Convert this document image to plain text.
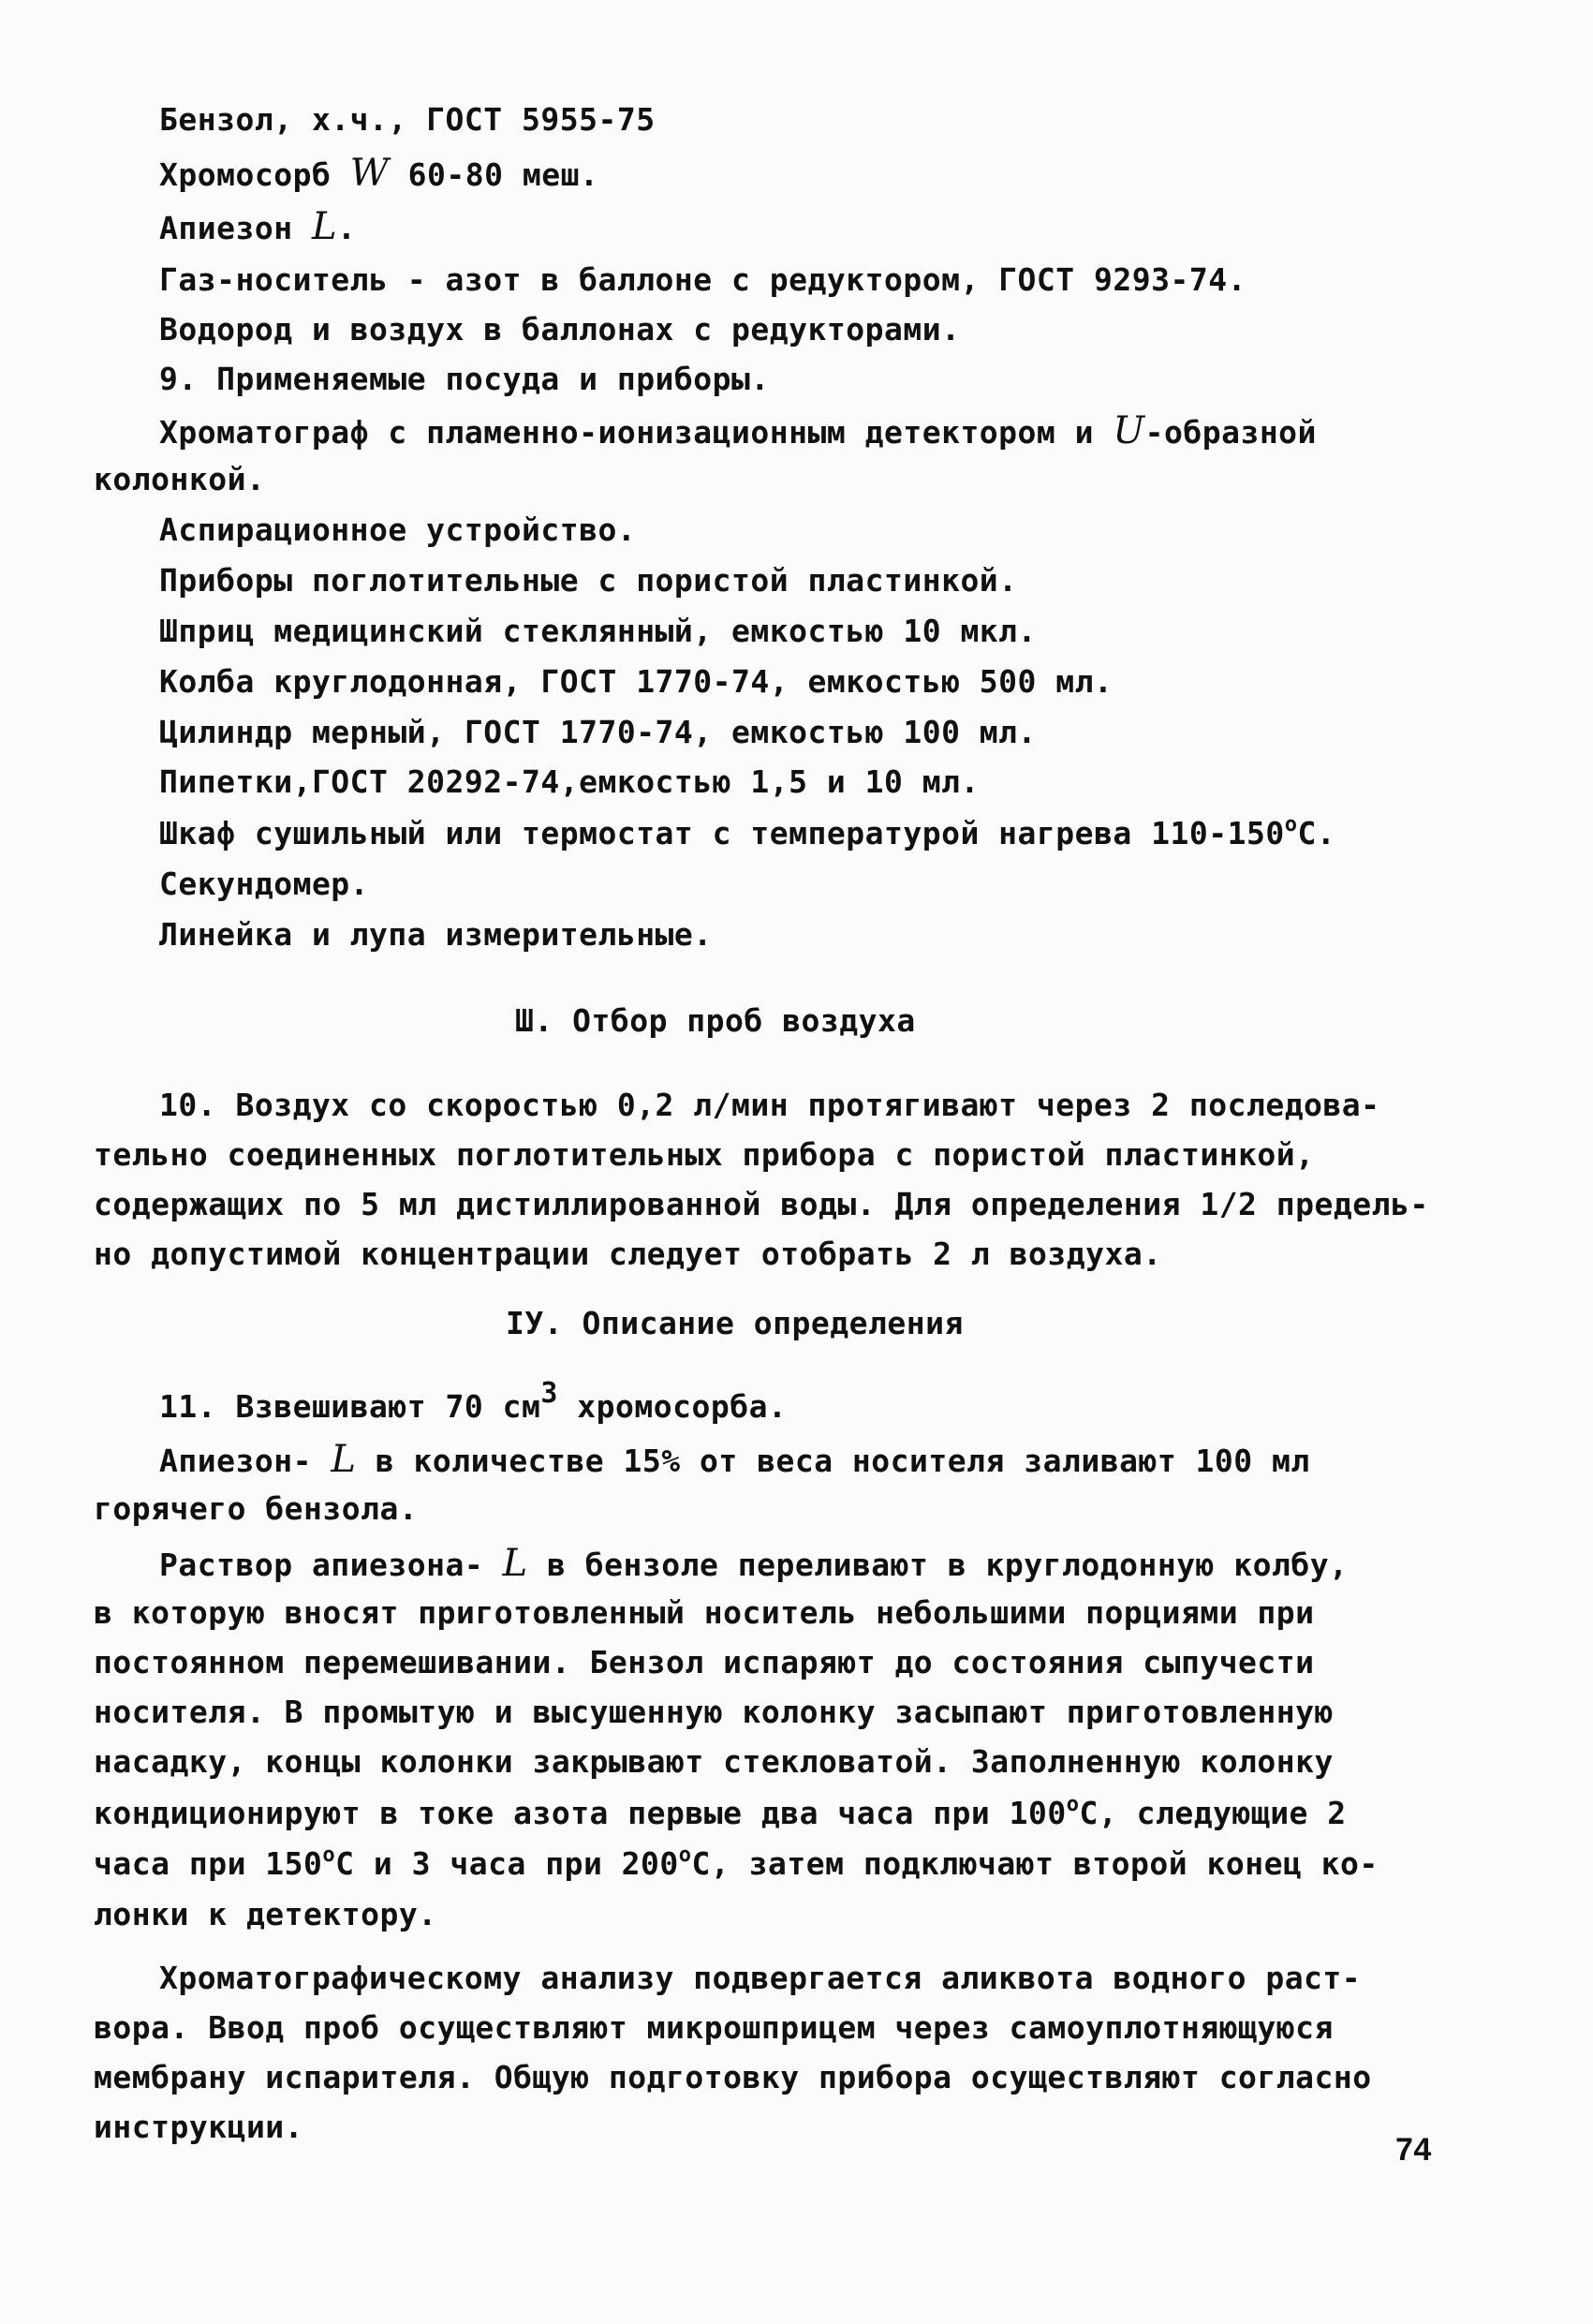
Бензол, х.ч., ГОСТ 5955-75
Хромосорб W 60-80 меш.
Апиезон L.
Газ-носитель - азот в баллоне с редуктором, ГОСТ 9293-74.
Водород и воздух в баллонах с редукторами.
9. Применяемые посуда и приборы.
Хроматограф с пламенно-ионизационным детектором и U-образной
колонкой.
Аспирационное устройство.
Приборы поглотительные с пористой пластинкой.
Шприц медицинский стеклянный, емкостью 10 мкл.
Колба круглодонная, ГОСТ 1770-74, емкостью 500 мл.
Цилиндр мерный, ГОСТ 1770-74, емкостью 100 мл.
Пипетки,ГОСТ 20292-74,емкостью 1,5 и 10 мл.
Шкаф сушильный или термостат с температурой нагрева $110-150^оС$.
Секундомер.
Линейка и лупа измерительные.
Ш. Отбор проб воздуха
10. Воздух со скоростью 0,2 л/мин протягивают через 2 последова-
тельно соединенных поглотительных прибора с пористой пластинкой,
содержащих по 5 мл дистиллированной воды. Для определения 1/2 предель-
но допустимой концентрации следует отобрать 2 л воздуха.
IУ. Описание определения
11. Взвешивают 70 см3 хромосорба.
Апиезон- L в количестве 15% от веса носителя заливают 100 мл
горячего бензола.
Раствор апиезона- L в бензоле переливают в круглодонную колбу,
в которую вносят приготовленный носитель небольшими порциями при
постоянном перемешивании. Бензол испаряют до состояния сыпучести
носителя. В промытую и высушенную колонку засыпают приготовленную
насадку, концы колонки закрывают стекловатой. Заполненную колонку
кондиционируют в токе азота первые два часа при $100^оС$, следующие 2
часа при $150^оС$ и 3 часа при $200^оС$, затем подключают второй конец ко-
лонки к детектору.
Хроматографическому анализу подвергается аликвота водного раст-
вора. Ввод проб осуществляют микрошприцем через самоуплотняющуюся
мембрану испарителя. Общую подготовку прибора осуществляют согласно
инструкции.
74
